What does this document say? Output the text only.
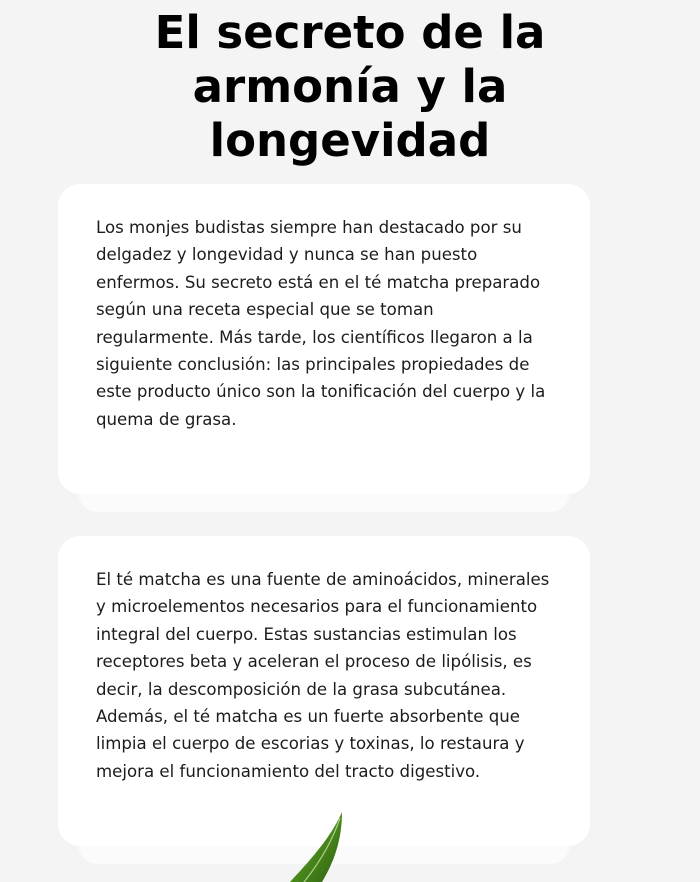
El secreto de la
armonía y la
longevidad

Los monjes budistas siempre han destacado por su delgadez y longevidad y nunca se han puesto enfermos. Su secreto está en el té matcha preparado según una receta especial que se toman regularmente. Más tarde, los científicos llegaron a la siguiente conclusión: las principales propiedades de este producto único son la tonificación del cuerpo y la quema de grasa.

El té matcha es una fuente de aminoácidos, minerales y microelementos necesarios para el funcionamiento integral del cuerpo. Estas sustancias estimulan los receptores beta y aceleran el proceso de lipólisis, es decir, la descomposición de la grasa subcutánea. Además, el té matcha es un fuerte absorbente que limpia el cuerpo de escorias y toxinas, lo restaura y mejora el funcionamiento del tracto digestivo.
